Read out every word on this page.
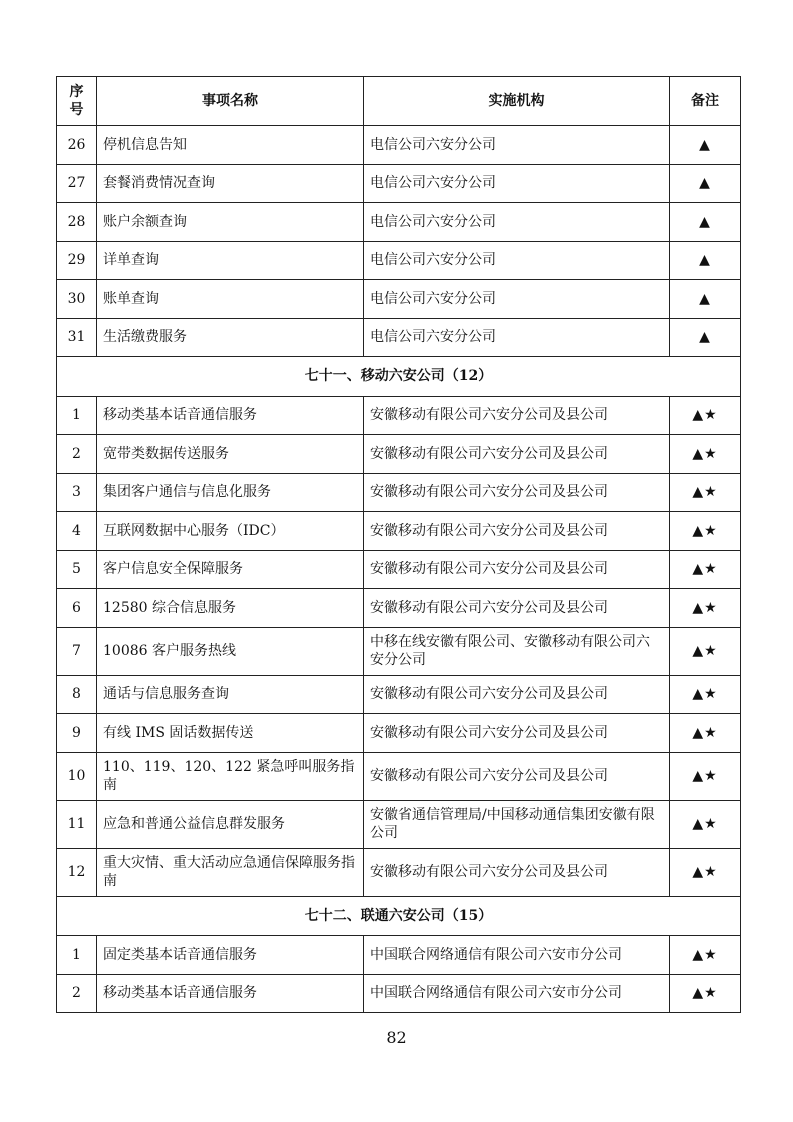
序号	事项名称	实施机构	备注
26	停机信息告知	电信公司六安分公司	▲
27	套餐消费情况查询	电信公司六安分公司	▲
28	账户余额查询	电信公司六安分公司	▲
29	详单查询	电信公司六安分公司	▲
30	账单查询	电信公司六安分公司	▲
31	生活缴费服务	电信公司六安分公司	▲
七十一、移动六安公司（12）			
1	移动类基本话音通信服务	安徽移动有限公司六安分公司及县公司	▲★
2	宽带类数据传送服务	安徽移动有限公司六安分公司及县公司	▲★
3	集团客户通信与信息化服务	安徽移动有限公司六安分公司及县公司	▲★
4	互联网数据中心服务（IDC）	安徽移动有限公司六安分公司及县公司	▲★
5	客户信息安全保障服务	安徽移动有限公司六安分公司及县公司	▲★
6	12580 综合信息服务	安徽移动有限公司六安分公司及县公司	▲★
7	10086 客户服务热线	中移在线安徽有限公司、安徽移动有限公司六安分公司	▲★
8	通话与信息服务查询	安徽移动有限公司六安分公司及县公司	▲★
9	有线 IMS 固话数据传送	安徽移动有限公司六安分公司及县公司	▲★
10	110、119、120、122 紧急呼叫服务指南	安徽移动有限公司六安分公司及县公司	▲★
11	应急和普通公益信息群发服务	安徽省通信管理局/中国移动通信集团安徽有限公司	▲★
12	重大灾情、重大活动应急通信保障服务指南	安徽移动有限公司六安分公司及县公司	▲★
七十二、联通六安公司（15）			
1	固定类基本话音通信服务	中国联合网络通信有限公司六安市分公司	▲★
2	移动类基本话音通信服务	中国联合网络通信有限公司六安市分公司	▲★
82
